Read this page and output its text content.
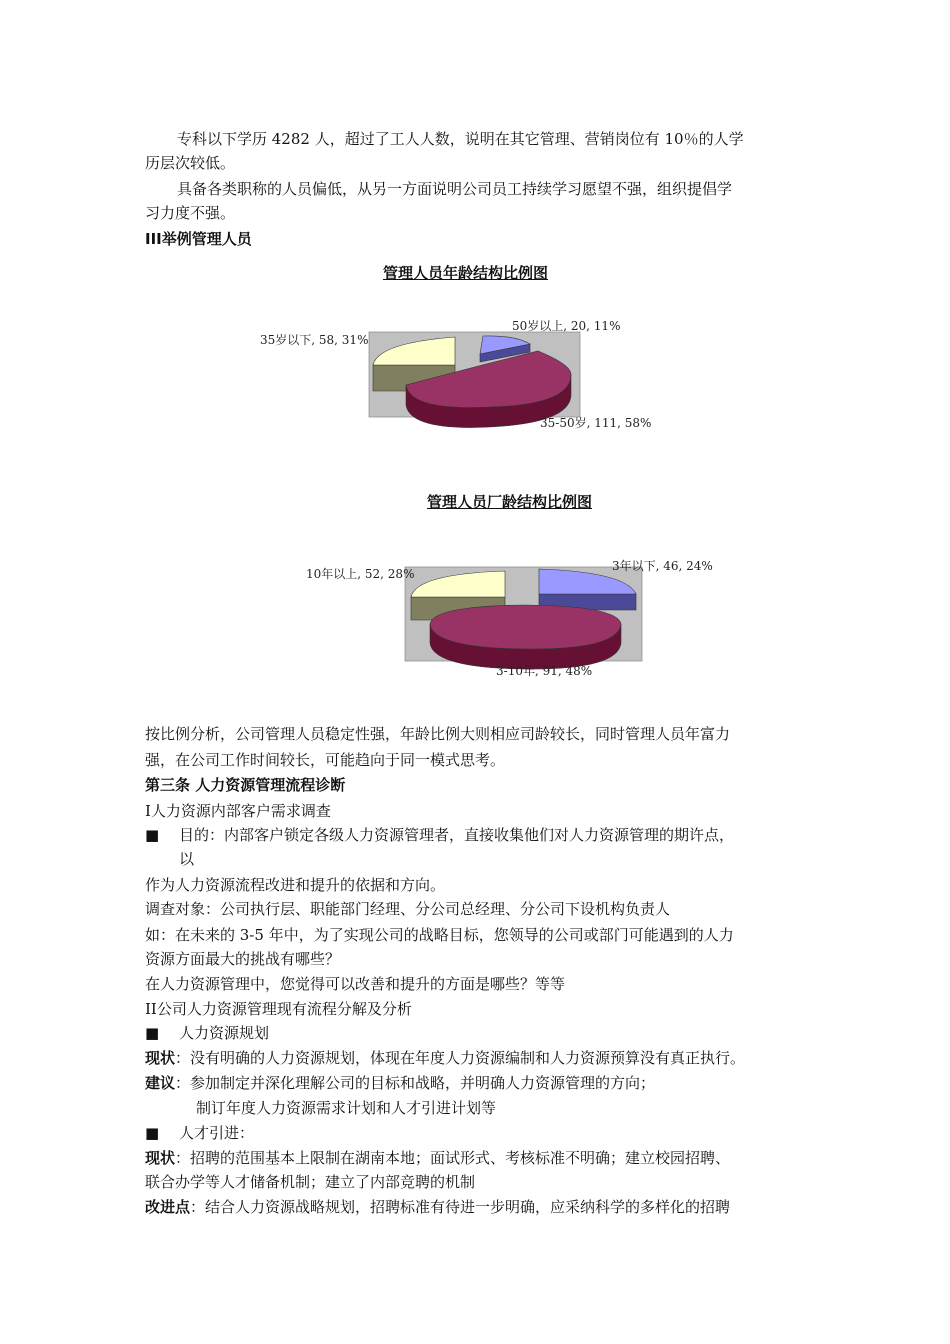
专科以下学历 4282 人，超过了工人人数，说明在其它管理、营销岗位有 10％的人学
历层次较低。
具备各类职称的人员偏低，从另一方面说明公司员工持续学习愿望不强，组织提倡学
习力度不强。
III举例管理人员
管理人员年龄结构比例图
35岁以下, 58, 31%
50岁以上, 20, 11%
35-50岁, 111, 58%
管理人员厂龄结构比例图
10年以上, 52, 28%
3年以下, 46, 24%
3-10年, 91, 48%
按比例分析，公司管理人员稳定性强，年龄比例大则相应司龄较长，同时管理人员年富力
强，在公司工作时间较长，可能趋向于同一模式思考。
第三条 人力资源管理流程诊断
I人力资源内部客户需求调查
■ 目的：内部客户锁定各级人力资源管理者，直接收集他们对人力资源管理的期许点，
以
作为人力资源流程改进和提升的依据和方向。
调查对象：公司执行层、职能部门经理、分公司总经理、分公司下设机构负责人
如：在未来的 3-5 年中，为了实现公司的战略目标，您领导的公司或部门可能遇到的人力
资源方面最大的挑战有哪些？
在人力资源管理中，您觉得可以改善和提升的方面是哪些？等等
II公司人力资源管理现有流程分解及分析
■ 人力资源规划
现状：没有明确的人力资源规划，体现在年度人力资源编制和人力资源预算没有真正执行。
建议：参加制定并深化理解公司的目标和战略，并明确人力资源管理的方向；
制订年度人力资源需求计划和人才引进计划等
■ 人才引进：
现状：招聘的范围基本上限制在湖南本地；面试形式、考核标准不明确；建立校园招聘、
联合办学等人才储备机制；建立了内部竞聘的机制
改进点：结合人力资源战略规划，招聘标准有待进一步明确，应采纳科学的多样化的招聘
